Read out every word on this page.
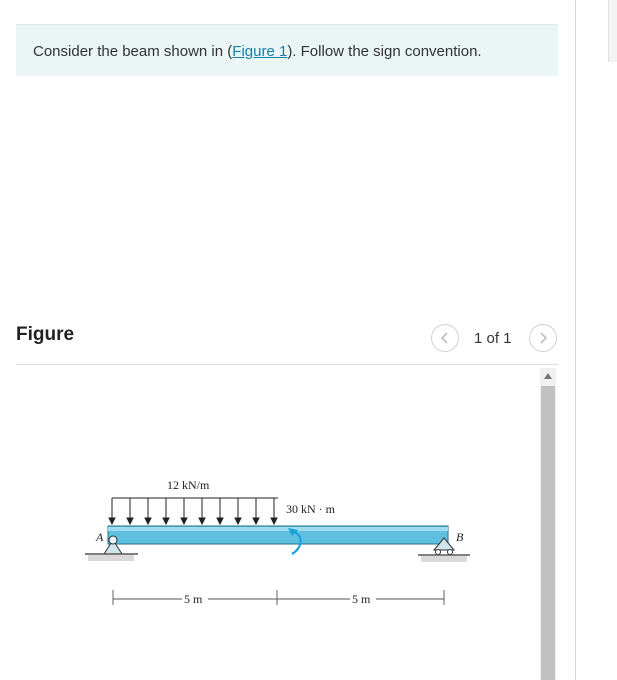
Consider the beam shown in (Figure 1). Follow the sign convention.
Figure	1 of 1
12 kN/m
30 kN · m
A	B
5 m	5 m
